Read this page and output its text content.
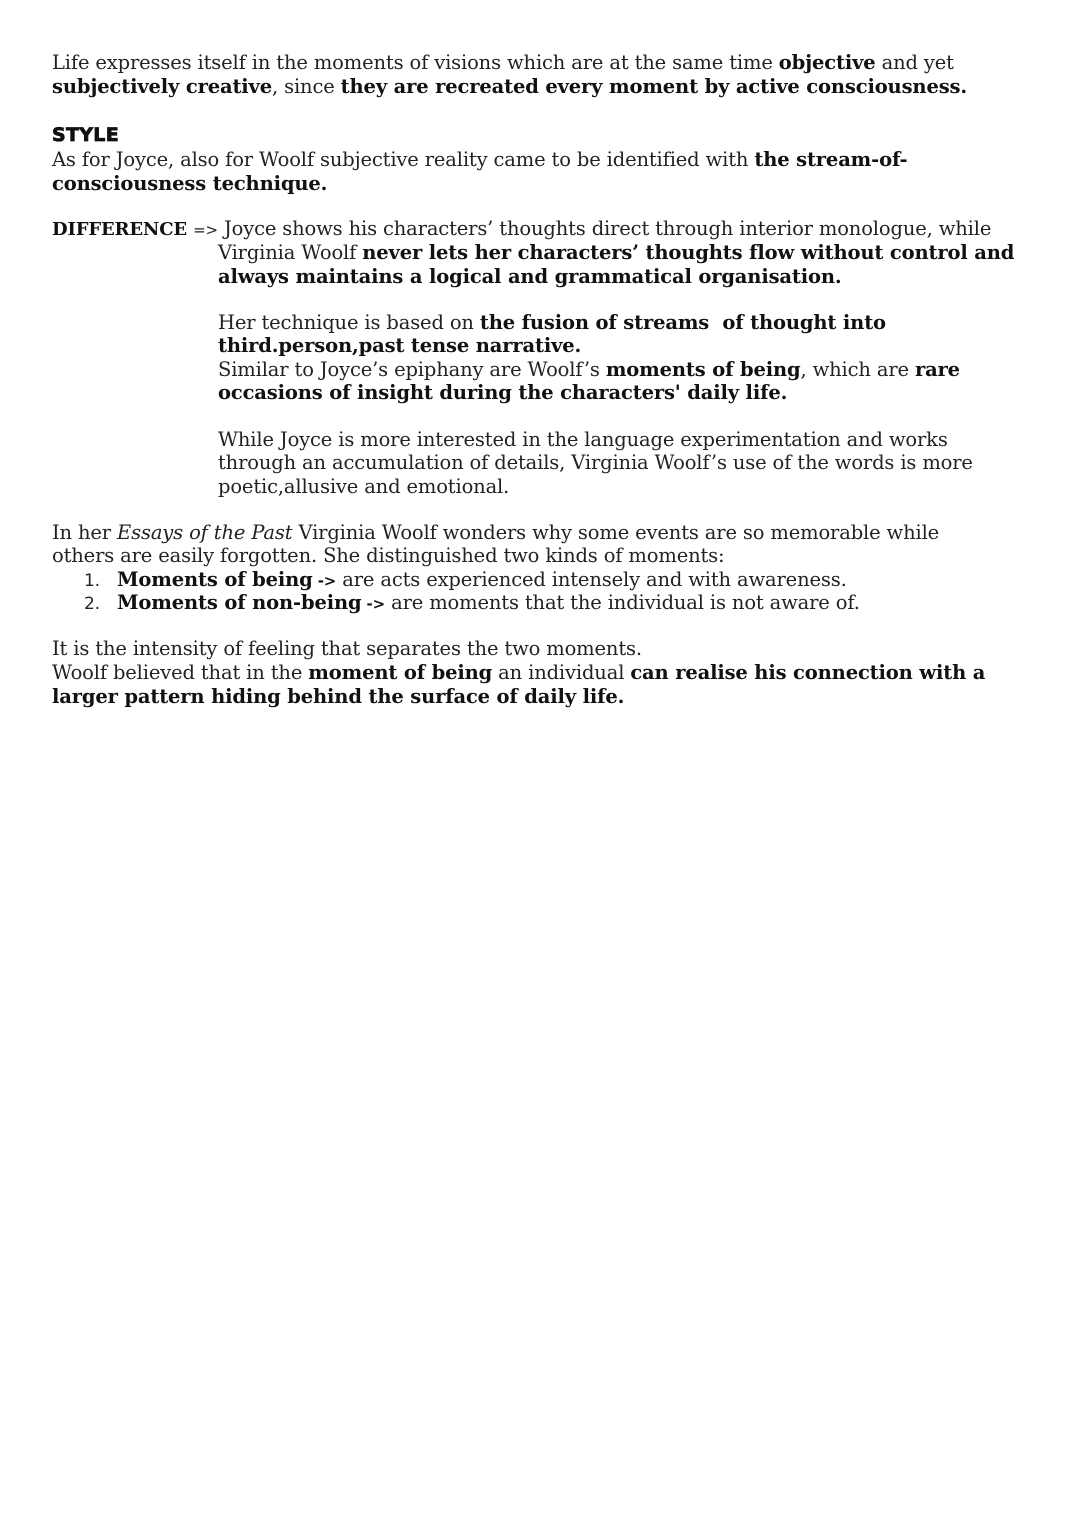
Life expresses itself in the moments of visions which are at the same time objective and yet
subjectively creative, since they are recreated every moment by active consciousness.
STYLE
As for Joyce, also for Woolf subjective reality came to be identified with the stream-of-
consciousness technique.
DIFFERENCE => Joyce shows his characters’ thoughts direct through interior monologue, while
Virginia Woolf never lets her characters’ thoughts flow without control and
always maintains a logical and grammatical organisation.
Her technique is based on the fusion of streams  of thought into
third.person,past tense narrative.
Similar to Joyce’s epiphany are Woolf’s moments of being, which are rare
occasions of insight during the characters' daily life.
While Joyce is more interested in the language experimentation and works
through an accumulation of details, Virginia Woolf’s use of the words is more
poetic,allusive and emotional.
In her Essays of the Past Virginia Woolf wonders why some events are so memorable while
others are easily forgotten. She distinguished two kinds of moments:
1. Moments of being -> are acts experienced intensely and with awareness.
2. Moments of non-being -> are moments that the individual is not aware of.
It is the intensity of feeling that separates the two moments.
Woolf believed that in the moment of being an individual can realise his connection with a
larger pattern hiding behind the surface of daily life.
